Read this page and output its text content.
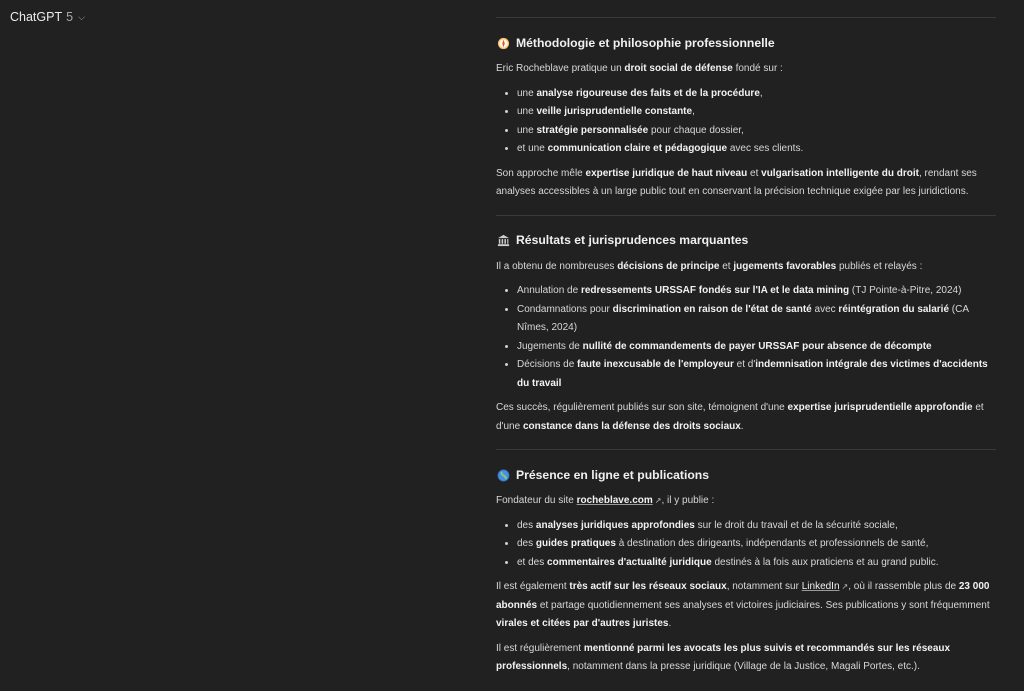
ChatGPT 5 ⌵
Méthodologie et philosophie professionnelle

Eric Rocheblave pratique un droit social de défense fondé sur :

• une analyse rigoureuse des faits et de la procédure,
• une veille jurisprudentielle constante,
• une stratégie personnalisée pour chaque dossier,
• et une communication claire et pédagogique avec ses clients.

Son approche mêle expertise juridique de haut niveau et vulgarisation intelligente du droit, rendant ses analyses accessibles à un large public tout en conservant la précision technique exigée par les juridictions.

Résultats et jurisprudences marquantes

Il a obtenu de nombreuses décisions de principe et jugements favorables publiés et relayés :

• Annulation de redressements URSSAF fondés sur l'IA et le data mining (TJ Pointe-à-Pitre, 2024)
• Condamnations pour discrimination en raison de l'état de santé avec réintégration du salarié (CA Nîmes, 2024)
• Jugements de nullité de commandements de payer URSSAF pour absence de décompte
• Décisions de faute inexcusable de l'employeur et d'indemnisation intégrale des victimes d'accidents du travail

Ces succès, régulièrement publiés sur son site, témoignent d'une expertise jurisprudentielle approfondie et d'une constance dans la défense des droits sociaux.

Présence en ligne et publications

Fondateur du site rocheblave.com ↗, il y publie :

• des analyses juridiques approfondies sur le droit du travail et de la sécurité sociale,
• des guides pratiques à destination des dirigeants, indépendants et professionnels de santé,
• et des commentaires d'actualité juridique destinés à la fois aux praticiens et au grand public.

Il est également très actif sur les réseaux sociaux, notamment sur LinkedIn ↗, où il rassemble plus de 23 000 abonnés et partage quotidiennement ses analyses et victoires judiciaires. Ses publications y sont fréquemment virales et citées par d'autres juristes.

Il est régulièrement mentionné parmi les avocats les plus suivis et recommandés sur les réseaux professionnels, notamment dans la presse juridique (Village de la Justice, Magali Portes, etc.).
